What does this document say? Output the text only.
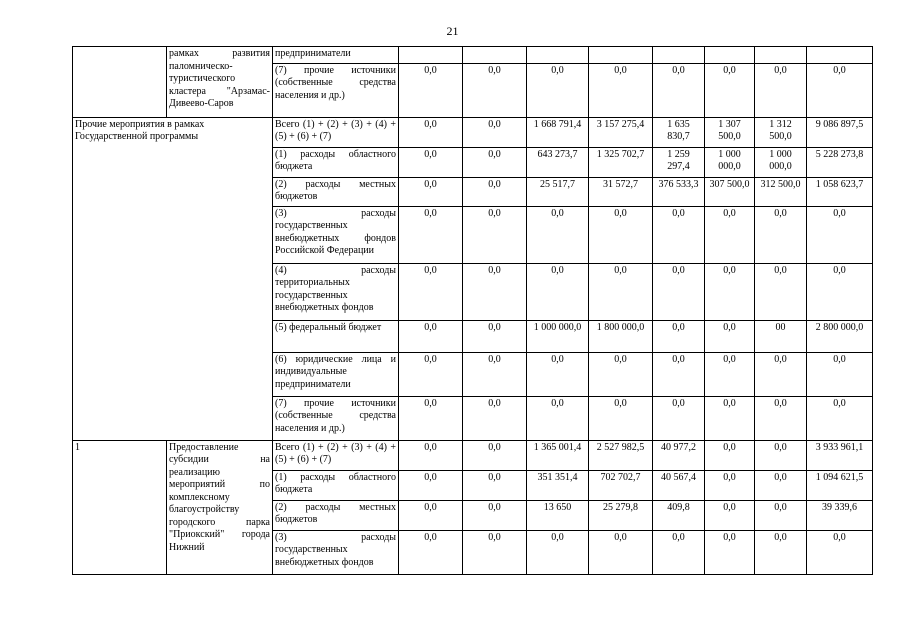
21
	рамках развития паломническо-туристического кластера "Арзамас-Дивеево-Саров	предприниматели								
		(7) прочие источники (собственные средства населения и др.)	0,0	0,0	0,0	0,0	0,0	0,0	0,0	0,0
Прочие мероприятия в рамках Государственной программы		Всего (1) + (2) + (3) + (4) + (5) + (6) + (7)	0,0	0,0	1 668 791,4	3 157 275,4	1 635 830,7	1 307 500,0	1 312 500,0	9 086 897,5
		(1) расходы областного бюджета	0,0	0,0	643 273,7	1 325 702,7	1 259 297,4	1 000 000,0	1 000 000,0	5 228 273,8
		(2) расходы местных бюджетов	0,0	0,0	25 517,7	31 572,7	376 533,3	307 500,0	312 500,0	1 058 623,7
		(3) расходы государственных внебюджетных фондов Российской Федерации	0,0	0,0	0,0	0,0	0,0	0,0	0,0	0,0
		(4) расходы территориальных государственных внебюджетных фондов	0,0	0,0	0,0	0,0	0,0	0,0	0,0	0,0
		(5) федеральный бюджет	0,0	0,0	1 000 000,0	1 800 000,0	0,0	0,0	00	2 800 000,0
		(6) юридические лица и индивидуальные предприниматели	0,0	0,0	0,0	0,0	0,0	0,0	0,0	0,0
		(7) прочие источники (собственные средства населения и др.)	0,0	0,0	0,0	0,0	0,0	0,0	0,0	0,0
1	Предоставление субсидии на реализацию мероприятий по комплексному благоустройству городского парка "Приокский" города Нижний	Всего (1) + (2) + (3) + (4) + (5) + (6) + (7)	0,0	0,0	1 365 001,4	2 527 982,5	40 977,2	0,0	0,0	3 933 961,1
		(1) расходы областного бюджета	0,0	0,0	351 351,4	702 702,7	40 567,4	0,0	0,0	1 094 621,5
		(2) расходы местных бюджетов	0,0	0,0	13 650	25 279,8	409,8	0,0	0,0	39 339,6
		(3) расходы государственных внебюджетных фондов	0,0	0,0	0,0	0,0	0,0	0,0	0,0	0,0
